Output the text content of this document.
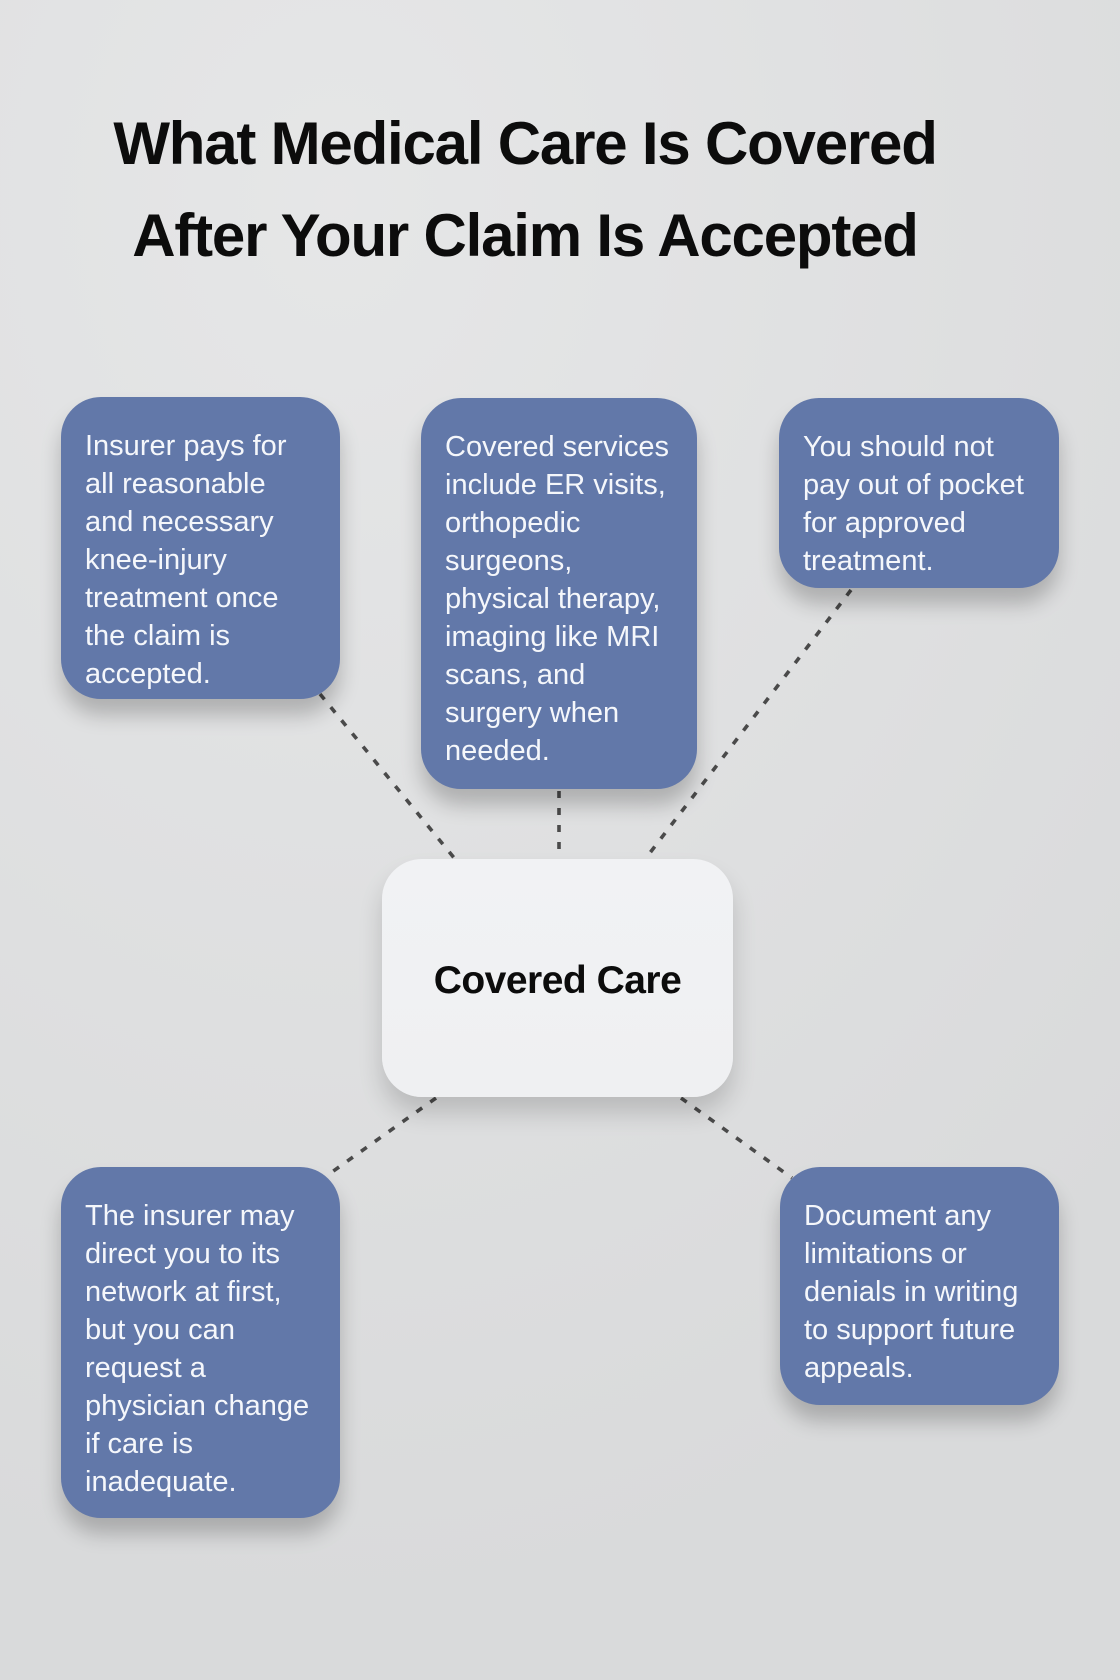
What Medical Care Is Covered
After Your Claim Is Accepted
Insurer pays for all reasonable and necessary knee-injury treatment once the claim is accepted.
Covered services include ER visits, orthopedic surgeons, physical therapy, imaging like MRI scans, and surgery when needed.
You should not pay out of pocket for approved treatment.
Covered Care
The insurer may direct you to its network at first, but you can request a physician change if care is inadequate.
Document any limitations or denials in writing to support future appeals.
